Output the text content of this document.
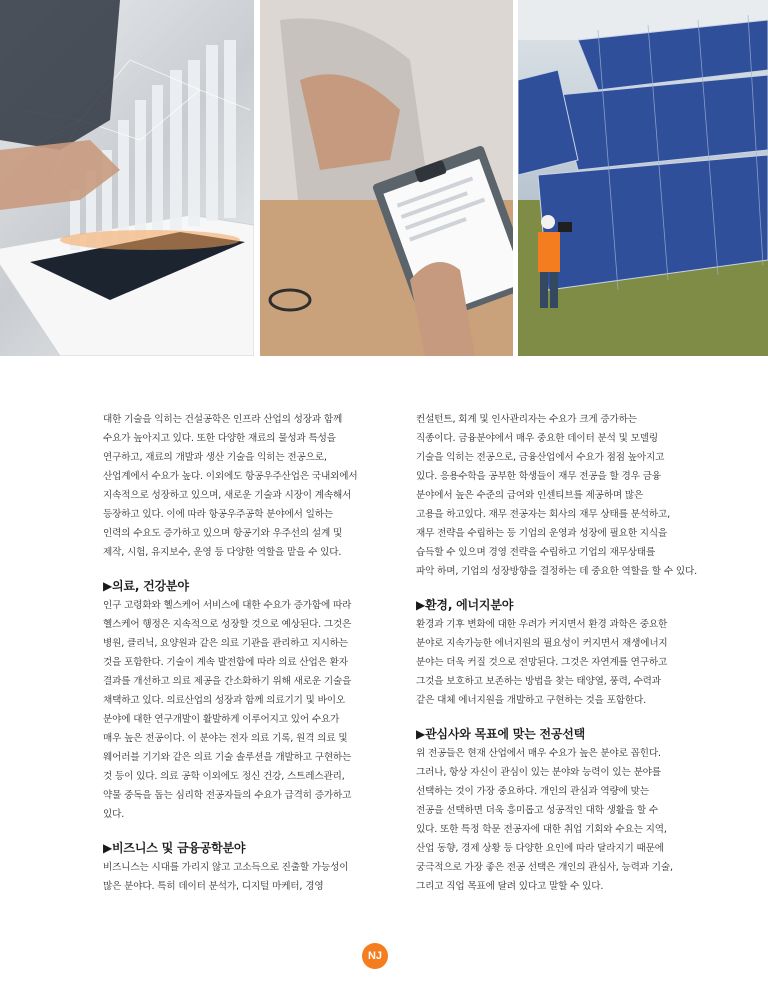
대한 기술을 익히는 건설공학은 인프라 산업의 성장과 함께
수요가 높아지고 있다. 또한 다양한 재료의 물성과 특성을
연구하고, 재료의 개발과 생산 기술을 익히는 전공으로,
산업계에서 수요가 높다. 이외에도 항공우주산업은 국내외에서
지속적으로 성장하고 있으며, 새로운 기술과 시장이 계속해서
등장하고 있다. 이에 따라 항공우주공학 분야에서 일하는
인력의 수요도 증가하고 있으며 항공기와 우주선의 설계 및
제작, 시험, 유지보수, 운영 등 다양한 역할을 맡을 수 있다.

▶의료, 건강분야

인구 고령화와 헬스케어 서비스에 대한 수요가 증가함에 따라
헬스케어 행정은 지속적으로 성장할 것으로 예상된다. 그것은
병원, 클리닉, 요양원과 같은 의료 기관을 관리하고 지시하는
것을 포함한다. 기술이 계속 발전함에 따라 의료 산업은 환자
결과를 개선하고 의료 제공을 간소화하기 위해 새로운 기술을
채택하고 있다. 의료산업의 성장과 함께 의료기기 및 바이오
분야에 대한 연구개발이 활발하게 이루어지고 있어 수요가
매우 높은 전공이다. 이 분야는 전자 의료 기록, 원격 의료 및
웨어러블 기기와 같은 의료 기술 솔루션을 개발하고 구현하는
것 등이 있다. 의료 공학 이외에도 정신 건강, 스트레스관리,
약물 중독을 돕는 심리학 전공자들의 수요가 급격히 증가하고
있다.

▶비즈니스 및 금융공학분야

비즈니스는 시대를 가리지 않고 고소득으로 진출할 가능성이
많은 분야다. 특히 데이터 분석가, 디지털 마케터, 경영

컨설턴트, 회계 및 인사관리자는 수요가 크게 증가하는
직종이다. 금융분야에서 매우 중요한 데이터 분석 및 모델링
기술을 익히는 전공으로, 금융산업에서 수요가 점점 높아지고
있다. 응용수학을 공부한 학생들이 재무 전공을 할 경우 금융
분야에서 높은 수준의 급여와 인센티브를 제공하며 많은
고용을 하고있다. 재무 전공자는 회사의 재무 상태를 분석하고,
재무 전략을 수립하는 등 기업의 운영과 성장에 필요한 지식을
습득할 수 있으며 경영 전략을 수립하고 기업의 재무상태를
파악 하며, 기업의 성장방향을 결정하는 데 중요한 역할을 할 수 있다.

▶환경, 에너지분야

환경과 기후 변화에 대한 우려가 커지면서 환경 과학은 중요한
분야로 지속가능한 에너지원의 필요성이 커지면서 재생에너지
분야는 더욱 커질 것으로 전망된다. 그것은 자연계를 연구하고
그것을 보호하고 보존하는 방법을 찾는 태양열, 풍력, 수력과
같은 대체 에너지원을 개발하고 구현하는 것을 포함한다.

▶관심사와 목표에 맞는 전공선택

위 전공들은 현재 산업에서 매우 수요가 높은 분야로 꼽힌다.
그러나, 항상 자신이 관심이 있는 분야와 능력이 있는 분야를
선택하는 것이 가장 중요하다. 개인의 관심과 역량에 맞는
전공을 선택하면 더욱 흥미롭고 성공적인 대학 생활을 할 수
있다. 또한 특정 학문 전공자에 대한 취업 기회와 수요는 지역,
산업 동향, 경제 상황 등 다양한 요인에 따라 달라지기 때문에
궁극적으로 가장 좋은 전공 선택은 개인의 관심사, 능력과 기술,
그리고 직업 목표에 달려 있다고 말할 수 있다.

NJ
